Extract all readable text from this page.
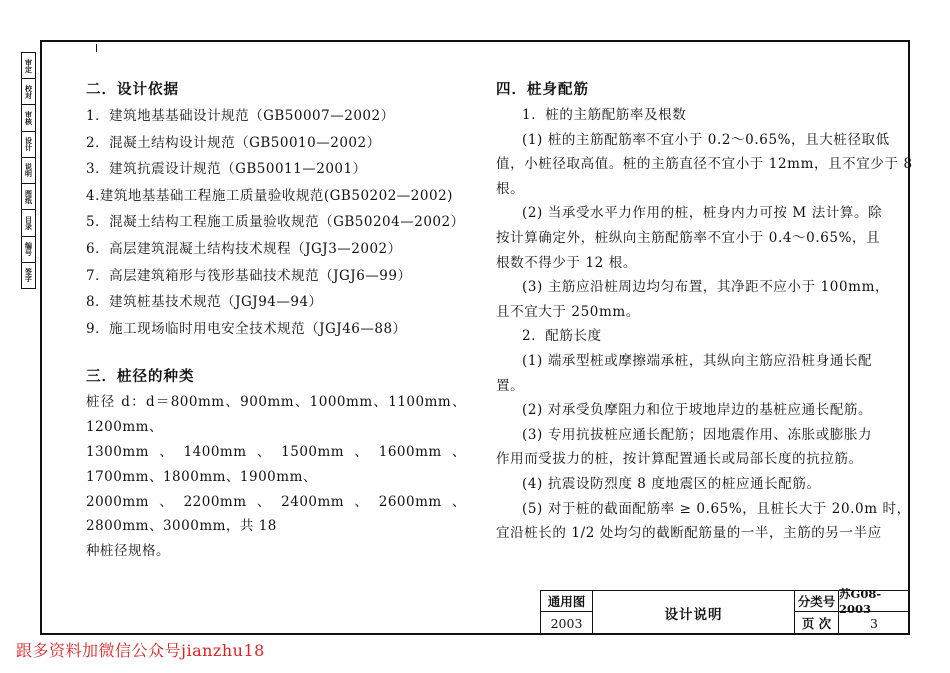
审定
校对
审核
设计
说明
图纸
目录
编号
签字
二．设计依据
1．建筑地基基础设计规范（GB50007—2002）
2．混凝土结构设计规范（GB50010—2002）
3．建筑抗震设计规范（GB50011—2001）
4.建筑地基基础工程施工质量验收规范(GB50202—2002)
5．混凝土结构工程施工质量验收规范（GB50204—2002）
6．高层建筑混凝土结构技术规程（JGJ3—2002）
7．高层建筑箱形与筏形基础技术规范（JGJ6—99）
8．建筑桩基技术规范（JGJ94—94）
9．施工现场临时用电安全技术规范（JGJ46—88）
三．桩径的种类
桩径 d：d＝800mm、900mm、1000mm、1100mm、1200mm、
1300mm、1400mm、1500mm、1600mm、1700mm、1800mm、1900mm、
2000mm、2200mm、2400mm、2600mm、2800mm、3000mm，共 18
种桩径规格。
四．桩身配筋
1．桩的主筋配筋率及根数
(1) 桩的主筋配筋率不宜小于 0.2～0.65%，且大桩径取低
值，小桩径取高值。桩的主筋直径不宜小于 12mm，且不宜少于 8
根。
(2) 当承受水平力作用的桩，桩身内力可按 M 法计算。除
按计算确定外，桩纵向主筋配筋率不宜小于 0.4～0.65%，且
根数不得少于 12 根。
(3) 主筋应沿桩周边均匀布置，其净距不应小于 100mm，
且不宜大于 250mm。
2．配筋长度
(1) 端承型桩或摩擦端承桩，其纵向主筋应沿桩身通长配
置。
(2) 对承受负摩阻力和位于坡地岸边的基桩应通长配筋。
(3) 专用抗拔桩应通长配筋；因地震作用、冻胀或膨胀力
作用而受拔力的桩，按计算配置通长或局部长度的抗拉筋。
(4) 抗震设防烈度 8 度地震区的桩应通长配筋。
(5) 对于桩的截面配筋率 ≥ 0.65%，且桩长大于 20.0m 时，
宜沿桩长的 1/2 处均匀的截断配筋量的一半，主筋的另一半应
通用图
2003
设计说明
分类号 苏G08-2003
页 次	3
跟多资料加微信公众号jianzhu18
